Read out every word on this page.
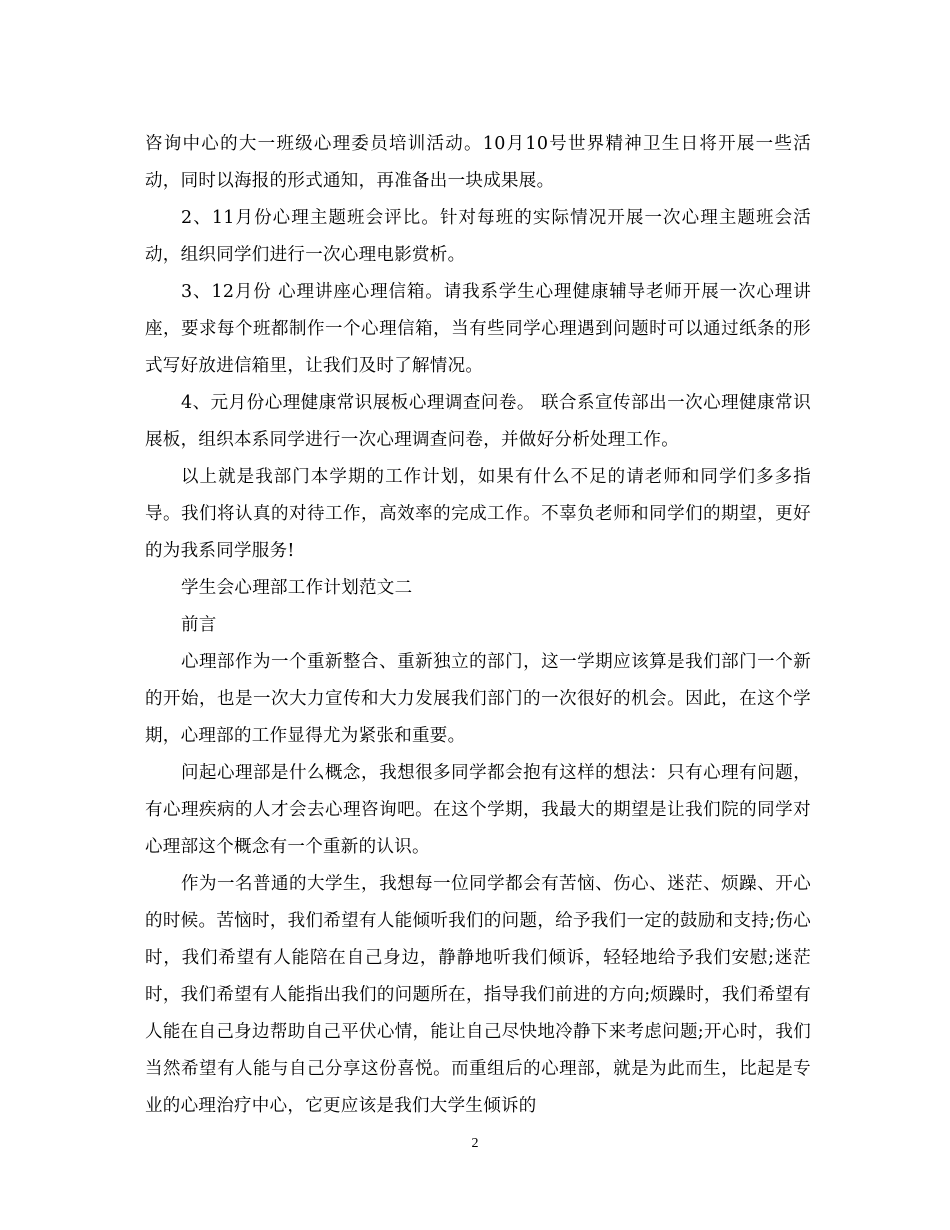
咨询中心的大一班级心理委员培训活动。10月10号世界精神卫生日将开展一些活动，同时以海报的形式通知，再准备出一块成果展。

2、11月份心理主题班会评比。针对每班的实际情况开展一次心理主题班会活动，组织同学们进行一次心理电影赏析。

3、12月份 心理讲座心理信箱。请我系学生心理健康辅导老师开展一次心理讲座，要求每个班都制作一个心理信箱，当有些同学心理遇到问题时可以通过纸条的形式写好放进信箱里，让我们及时了解情况。

4、元月份心理健康常识展板心理调查问卷。 联合系宣传部出一次心理健康常识展板，组织本系同学进行一次心理调查问卷，并做好分析处理工作。

以上就是我部门本学期的工作计划，如果有什么不足的请老师和同学们多多指导。我们将认真的对待工作，高效率的完成工作。不辜负老师和同学们的期望，更好的为我系同学服务!

学生会心理部工作计划范文二

前言

心理部作为一个重新整合、重新独立的部门，这一学期应该算是我们部门一个新的开始，也是一次大力宣传和大力发展我们部门的一次很好的机会。因此，在这个学期，心理部的工作显得尤为紧张和重要。

问起心理部是什么概念，我想很多同学都会抱有这样的想法：只有心理有问题，有心理疾病的人才会去心理咨询吧。在这个学期，我最大的期望是让我们院的同学对心理部这个概念有一个重新的认识。

作为一名普通的大学生，我想每一位同学都会有苦恼、伤心、迷茫、烦躁、开心的时候。苦恼时，我们希望有人能倾听我们的问题，给予我们一定的鼓励和支持;伤心时，我们希望有人能陪在自己身边，静静地听我们倾诉，轻轻地给予我们安慰;迷茫时，我们希望有人能指出我们的问题所在，指导我们前进的方向;烦躁时，我们希望有人能在自己身边帮助自己平伏心情，能让自己尽快地冷静下来考虑问题;开心时，我们当然希望有人能与自己分享这份喜悦。而重组后的心理部，就是为此而生，比起是专业的心理治疗中心，它更应该是我们大学生倾诉的

2
